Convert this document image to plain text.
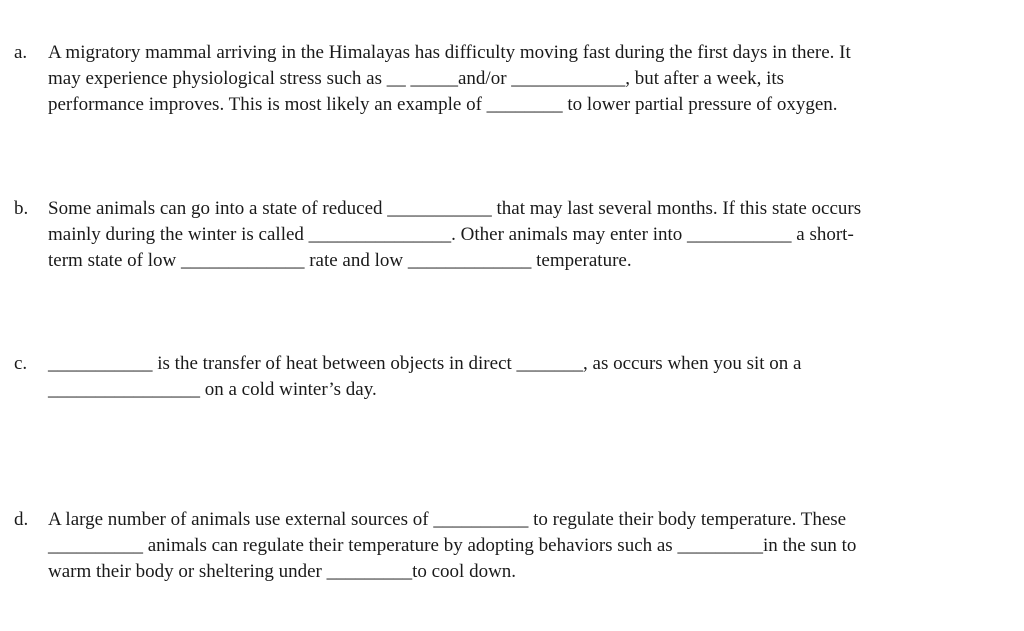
a. A migratory mammal arriving in the Himalayas has difficulty moving fast during the first days in there. It
may experience physiological stress such as __ _____and/or ____________, but after a week, its
performance improves. This is most likely an example of ________ to lower partial pressure of oxygen.
b. Some animals can go into a state of reduced ___________ that may last several months. If this state occurs
mainly during the winter is called _______________. Other animals may enter into ___________ a short-
term state of low _____________ rate and low _____________ temperature.
c. ___________ is the transfer of heat between objects in direct _______, as occurs when you sit on a
________________ on a cold winter’s day.
d. A large number of animals use external sources of __________ to regulate their body temperature. These
__________ animals can regulate their temperature by adopting behaviors such as _________in the sun to
warm their body or sheltering under _________to cool down.
